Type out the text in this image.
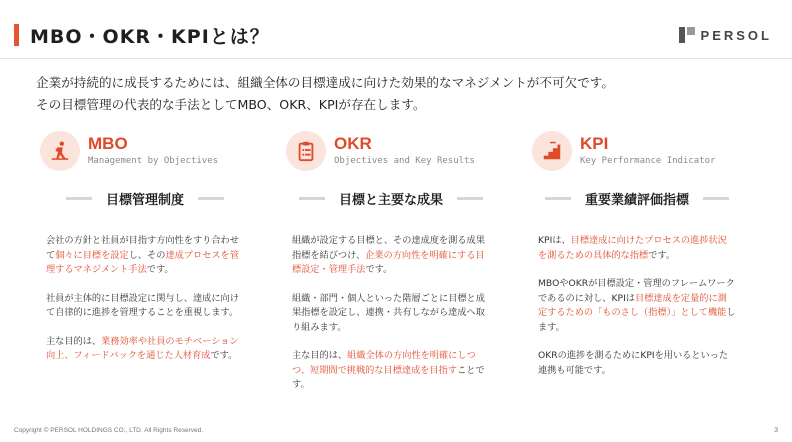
MBO・OKR・KPIとは？	PERSOL
企業が持続的に成長するためには、組織全体の目標達成に向けた効果的なマネジメントが不可欠です。
その目標管理の代表的な手法としてMBO、OKR、KPIが存在します。
MBO
Management by Objectives
目標管理制度

会社の方針と社員が目指す方向性をすり合わせて個々に目標を設定し、その達成プロセスを管理するマネジメント手法です。

社員が主体的に目標設定に関与し、達成に向けて自律的に進捗を管理することを重視します。

主な目的は、業務効率や社員のモチベーション向上、フィードバックを通じた人材育成です。

OKR
Objectives and Key Results
目標と主要な成果

組織が設定する目標と、その達成度を測る成果指標を結びつけ、企業の方向性を明確にする目標設定・管理手法です。

組織・部門・個人といった階層ごとに目標と成果指標を設定し、連携・共有しながら達成へ取り組みます。

主な目的は、組織全体の方向性を明確にしつつ、短期間で挑戦的な目標達成を目指すことです。

KPI
Key Performance Indicator
重要業績評価指標

KPIは、目標達成に向けたプロセスの進捗状況を測るための具体的な指標です。

MBOやOKRが目標設定・管理のフレームワークであるのに対し、KPIは目標達成を定量的に測定するための「ものさし（指標）」として機能します。

OKRの進捗を測るためにKPIを用いるといった連携も可能です。

Copyright © PERSOL HOLDINGS CO., LTD. All Rights Reserved.	3
